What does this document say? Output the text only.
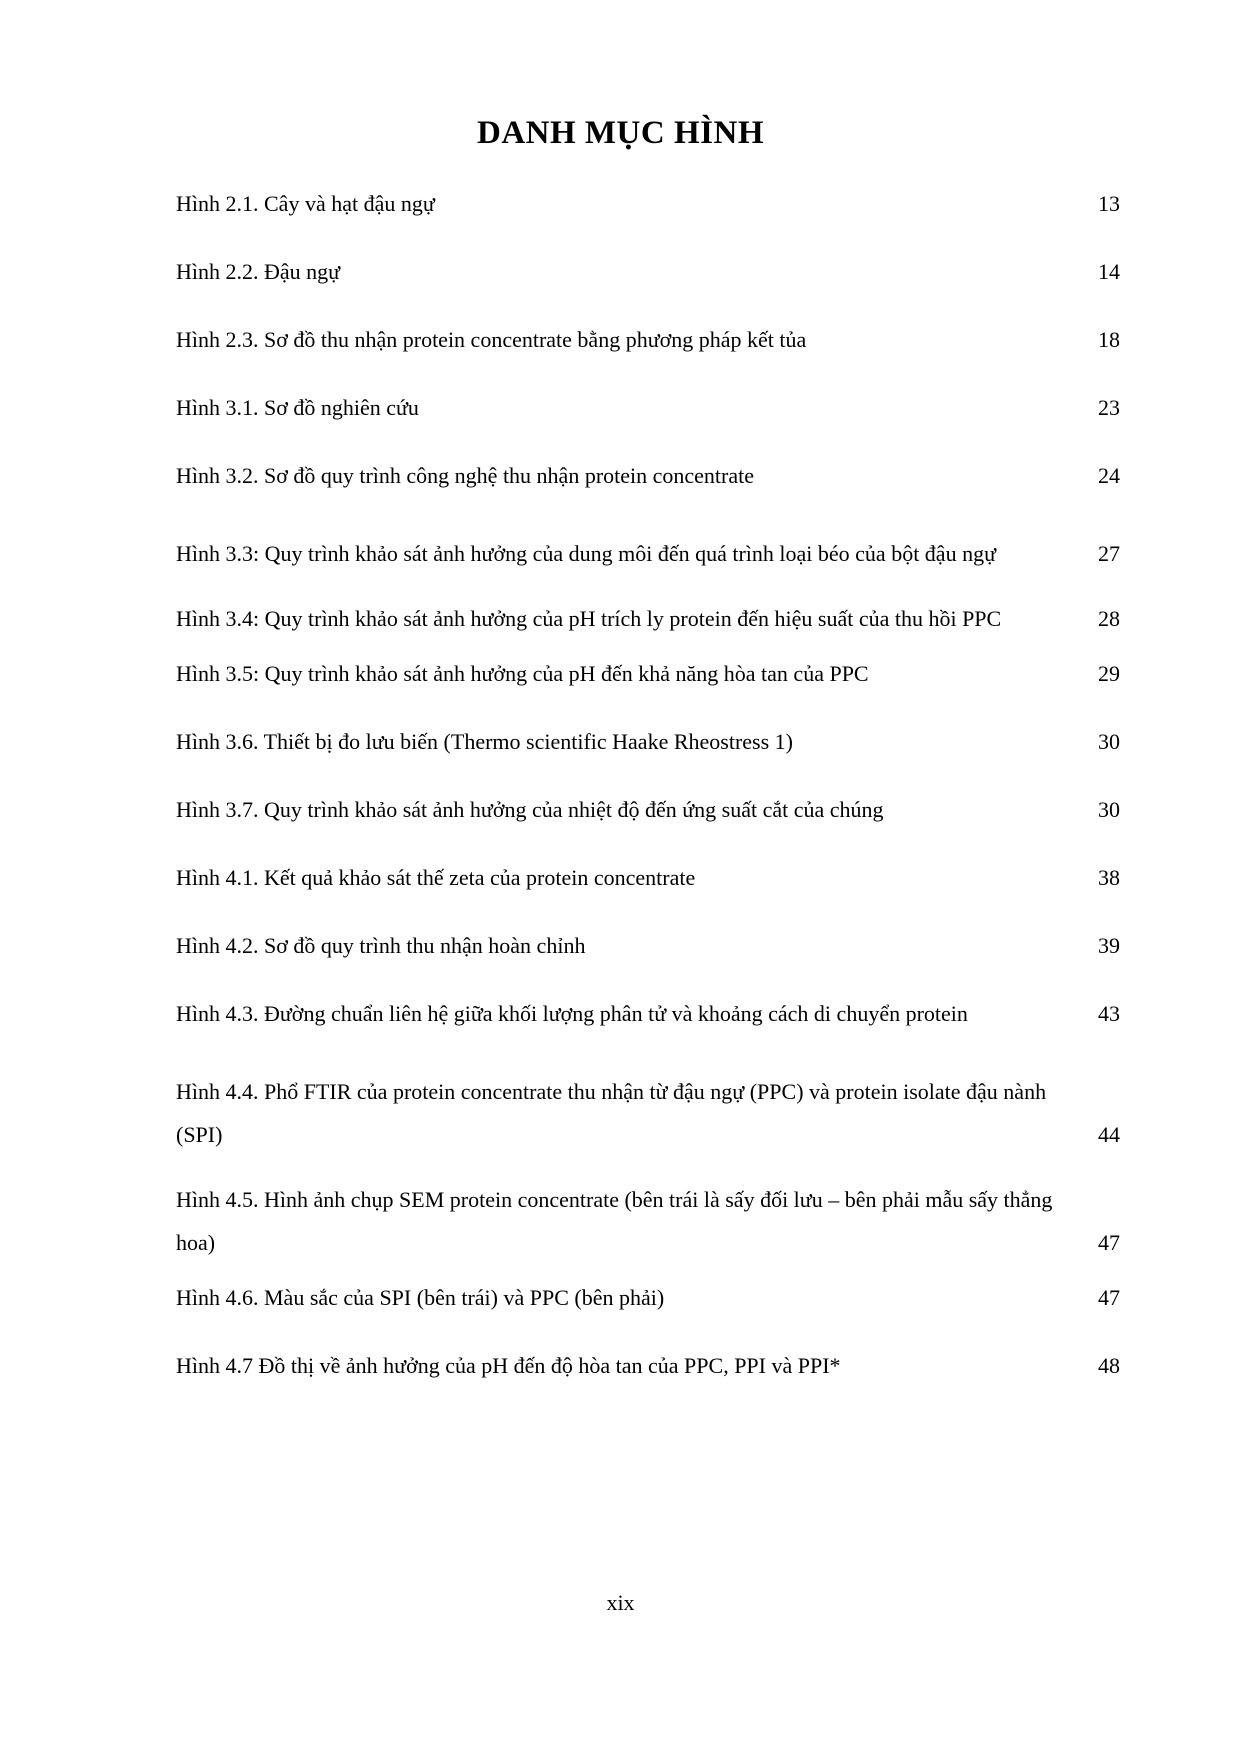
DANH MỤC HÌNH
Hình 2.1. Cây và hạt đậu ngự	13
Hình 2.2. Đậu ngự	14
Hình 2.3. Sơ đồ thu nhận protein concentrate bằng phương pháp kết tủa	18
Hình 3.1. Sơ đồ nghiên cứu	23
Hình 3.2. Sơ đồ quy trình công nghệ thu nhận protein concentrate	24
Hình 3.3: Quy trình khảo sát ảnh hưởng của dung môi đến quá trình loại béo của bột đậu ngự	27
Hình 3.4: Quy trình khảo sát ảnh hưởng của pH trích ly protein đến hiệu suất của thu hồi PPC	28
Hình 3.5: Quy trình khảo sát ảnh hưởng của pH đến khả năng hòa tan của PPC	29
Hình 3.6. Thiết bị đo lưu biến (Thermo scientific Haake Rheostress 1)	30
Hình 3.7. Quy trình khảo sát ảnh hưởng của nhiệt độ đến ứng suất cắt của chúng	30
Hình 4.1. Kết quả khảo sát thế zeta của protein concentrate	38
Hình 4.2. Sơ đồ quy trình thu nhận hoàn chỉnh	39
Hình 4.3. Đường chuẩn liên hệ giữa khối lượng phân tử và khoảng cách di chuyển protein	43
Hình 4.4. Phổ FTIR của protein concentrate thu nhận từ đậu ngự (PPC) và protein isolate đậu nành (SPI)	44
Hình 4.5. Hình ảnh chụp SEM protein concentrate (bên trái là sấy đối lưu – bên phải mẫu sấy thẳng hoa)	47
Hình 4.6. Màu sắc của SPI (bên trái) và PPC (bên phải)	47
Hình 4.7 Đồ thị về ảnh hưởng của pH đến độ hòa tan của PPC, PPI và PPI*	48
xix
